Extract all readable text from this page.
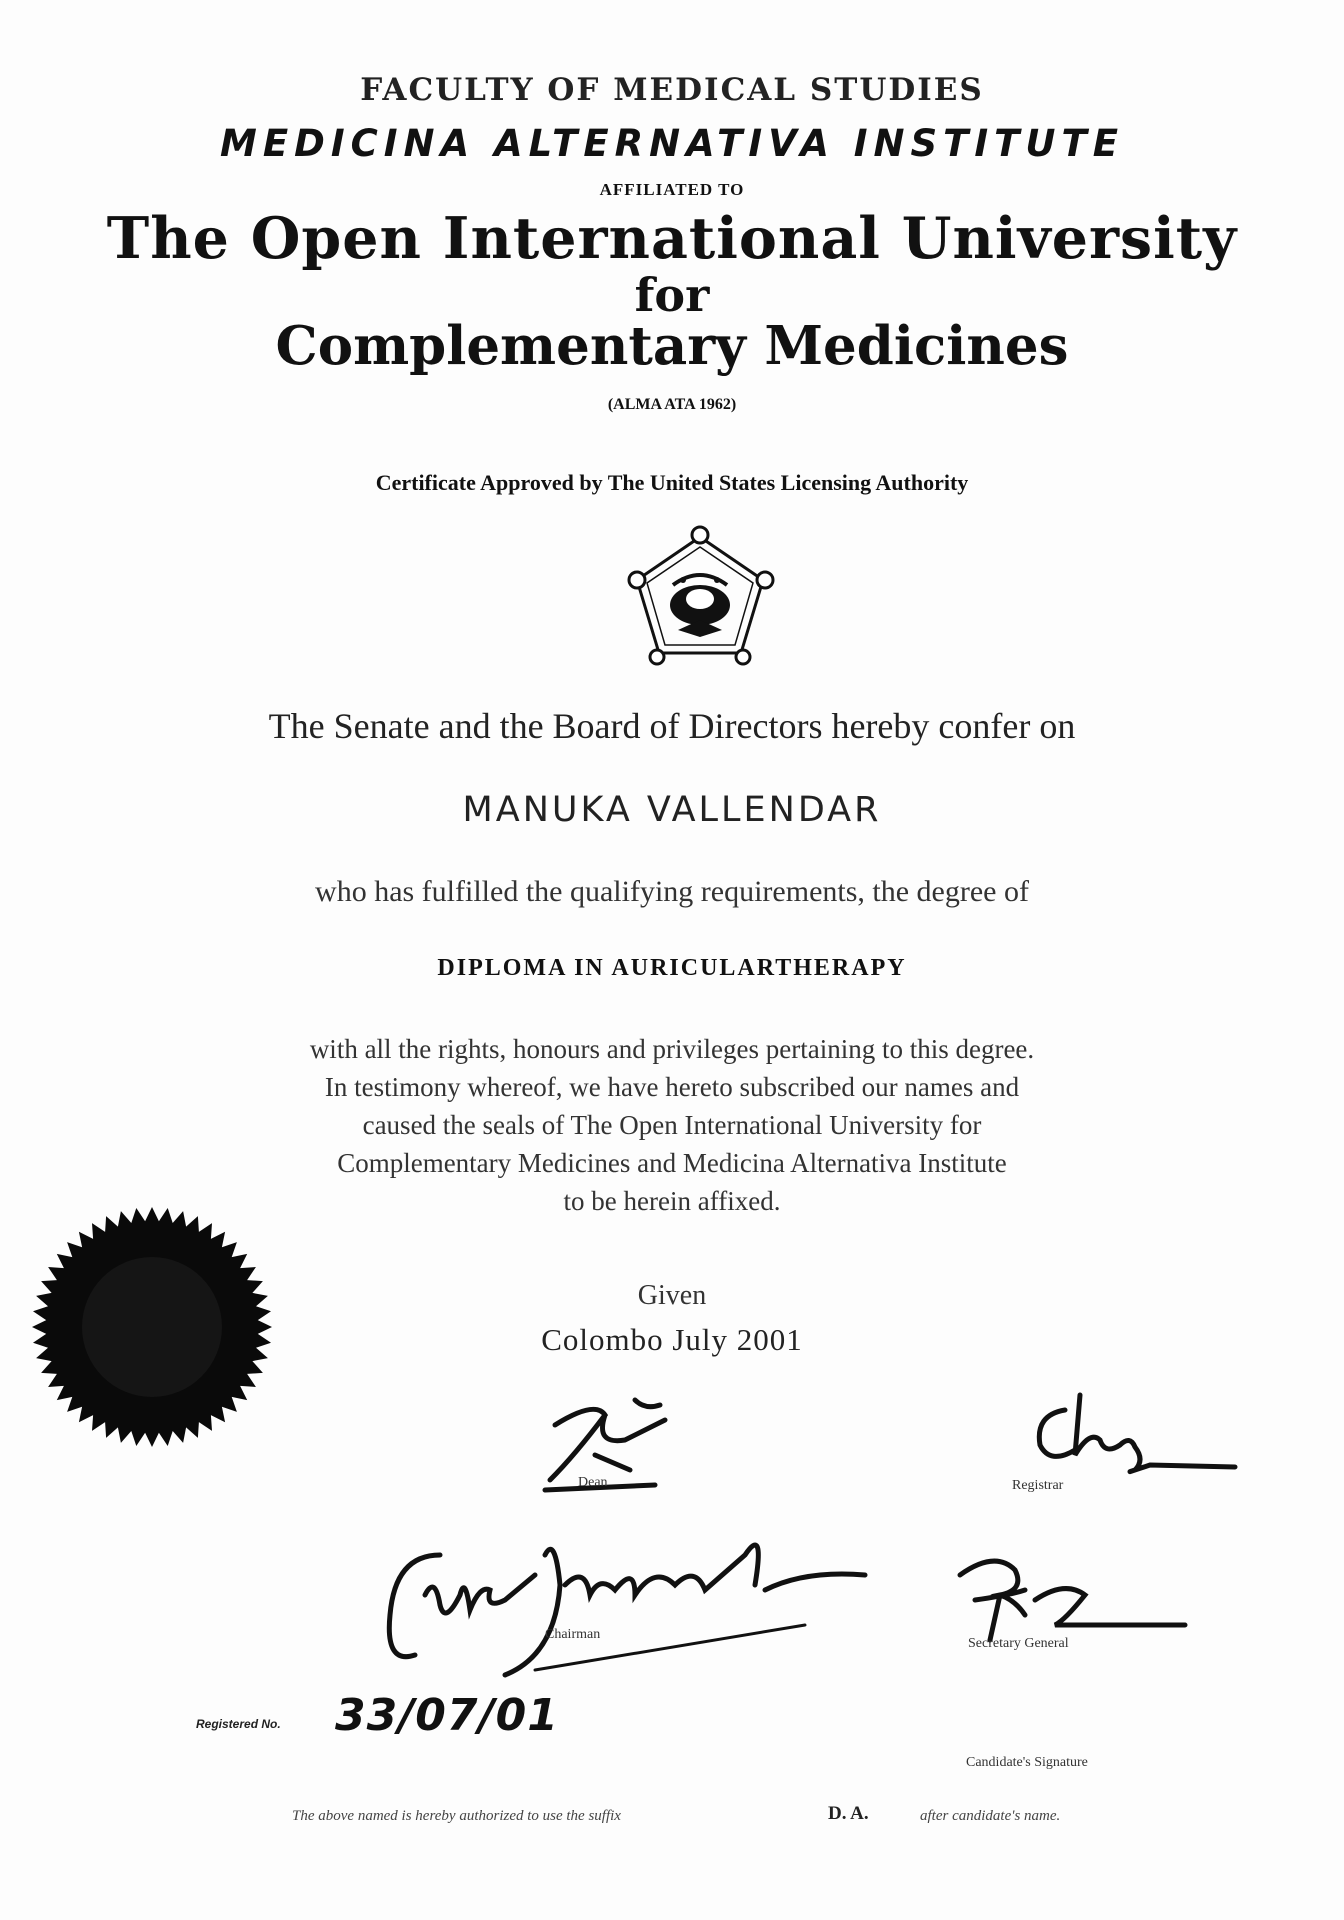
FACULTY OF MEDICAL STUDIES
MEDICINA ALTERNATIVA INSTITUTE
AFFILIATED TO
The Open International University
for
Complementary Medicines
(ALMA ATA 1962)
Certificate Approved by The United States Licensing Authority
The Senate and the Board of Directors hereby confer on
MANUKA VALLENDAR
who has fulfilled the qualifying requirements, the degree of
DIPLOMA IN AURICULARTHERAPY
with all the rights, honours and privileges pertaining to this degree.
In testimony whereof, we have hereto subscribed our names and
caused the seals of The Open International University for
Complementary Medicines and Medicina Alternativa Institute
to be herein affixed.
Given
Colombo July 2001
Dean	Registrar
Chairman
Secretary General
Registered No. 33/07/01
Candidate's Signature
The above named is hereby authorized to use the suffix	D. A.	after candidate's name.
